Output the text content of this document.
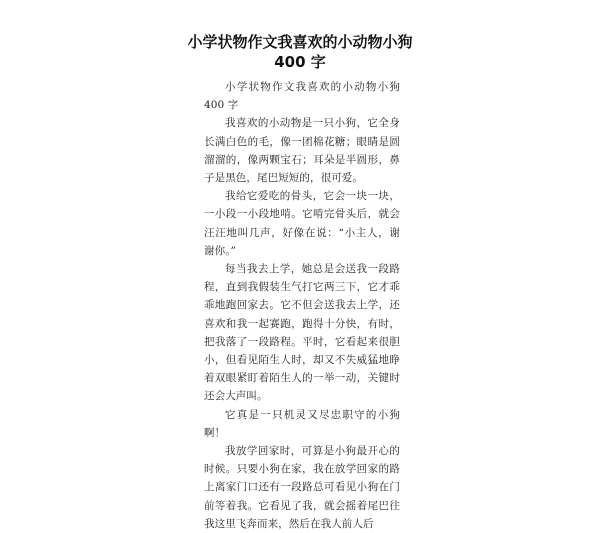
小学状物作文我喜欢的小动物小狗
400 字

小学状物作文我喜欢的小动物小狗 400 字

我喜欢的小动物是一只小狗，它全身长满白色的毛，像一团棉花糖；眼睛是圆溜溜的，像两颗宝石；耳朵是半圆形，鼻子是黑色，尾巴短短的，很可爱。

我给它爱吃的骨头，它会一块一块，一小段一小段地啃。它啃完骨头后，就会汪汪地叫几声，好像在说：“小主人，谢谢你。”

每当我去上学，她总是会送我一段路程，直到我假装生气打它两三下，它才乖乖地跑回家去。它不但会送我去上学，还喜欢和我一起赛跑，跑得十分快，有时，把我落了一段路程。平时，它看起来很胆小，但看见陌生人时，却又不失威猛地睁着双眼紧盯着陌生人的一举一动，关键时还会大声叫。

它真是一只机灵又尽忠职守的小狗啊！

我放学回家时，可算是小狗最开心的时候。只要小狗在家，我在放学回家的路上离家门口还有一段路总可看见小狗在门前等着我。它看见了我，就会摇着尾巴往我这里飞奔而来，然后在我人前人后
